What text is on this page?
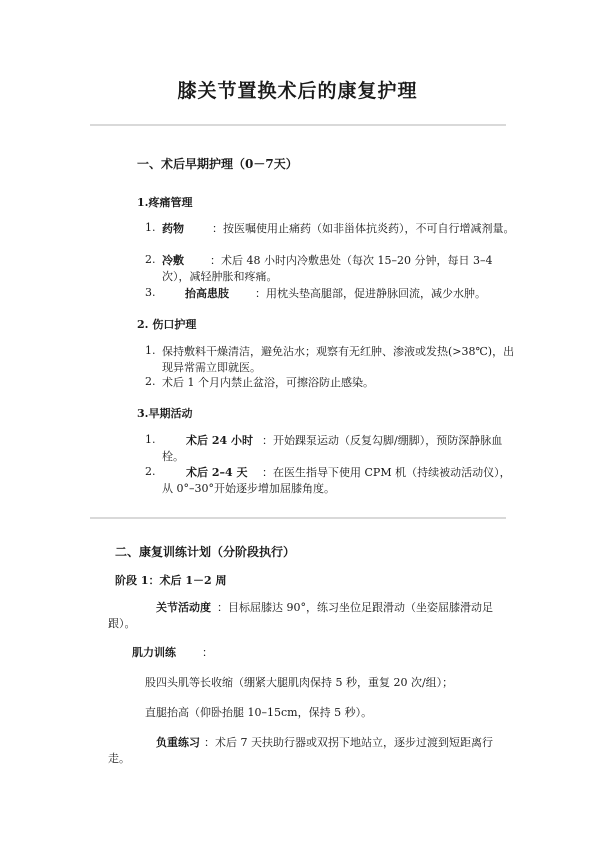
膝关节置换术后的康复护理
一、术后早期护理（0－7天）
1.疼痛管理
1. 药物	：按医嘱使用止痛药（如非甾体抗炎药），不可自行增减剂量。
2. 冷敷 ：术后 48 小时内冷敷患处（每次 15–20 分钟，每日 3–4 次），减轻肿胀和疼痛。
3.	抬高患肢 ：用枕头垫高腿部，促进静脉回流，减少水肿。
2. 伤口护理
1. 保持敷料干燥清洁，避免沾水；观察有无红肿、渗液或发热(>38℃)，出现异常需立即就医。
2. 术后 1 个月内禁止盆浴，可擦浴防止感染。
3.早期活动
1.	术后 24 小时 ：开始踝泵运动（反复勾脚/绷脚），预防深静脉血栓。
2.	术后 2–4 天 ：在医生指导下使用 CPM 机（持续被动活动仪），从 0°–30°开始逐步增加屈膝角度。
二、康复训练计划（分阶段执行）
阶段 1：术后 1－2 周
关节活动度 ：目标屈膝达 90°，练习坐位足跟滑动（坐姿屈膝滑动足跟）。
肌力训练 ：
股四头肌等长收缩（绷紧大腿肌肉保持 5 秒，重复 20 次/组）；
直腿抬高（仰卧抬腿 10–15cm，保持 5 秒）。
负重练习 ：术后 7 天扶助行器或双拐下地站立，逐步过渡到短距离行走。
